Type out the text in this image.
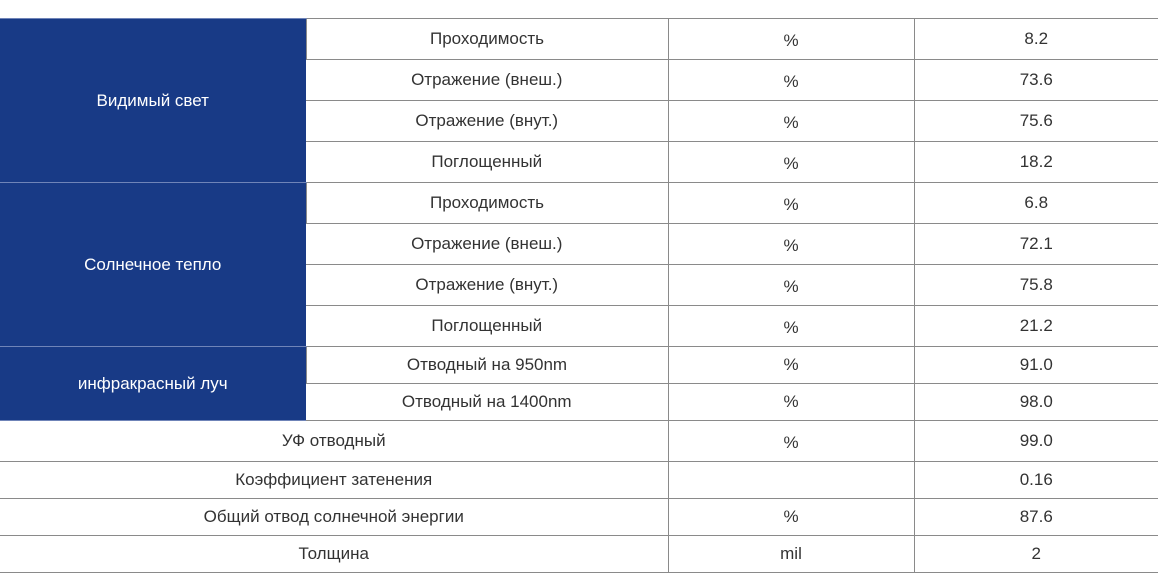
Видимый свет	Проходимость	%	8.2
	Отражение (внеш.)	%	73.6
	Отражение (внут.)	%	75.6
	Поглощенный	%	18.2
Солнечное тепло	Проходимость	%	6.8
	Отражение (внеш.)	%	72.1
	Отражение (внут.)	%	75.8
	Поглощенный	%	21.2
инфракрасный луч	Отводный на 950nm	%	91.0
	Отводный на 1400nm	%	98.0
УФ отводный		%	99.0
Коэффициент затенения			0.16
Общий отвод солнечной энергии		%	87.6
Толщина		mil	2
